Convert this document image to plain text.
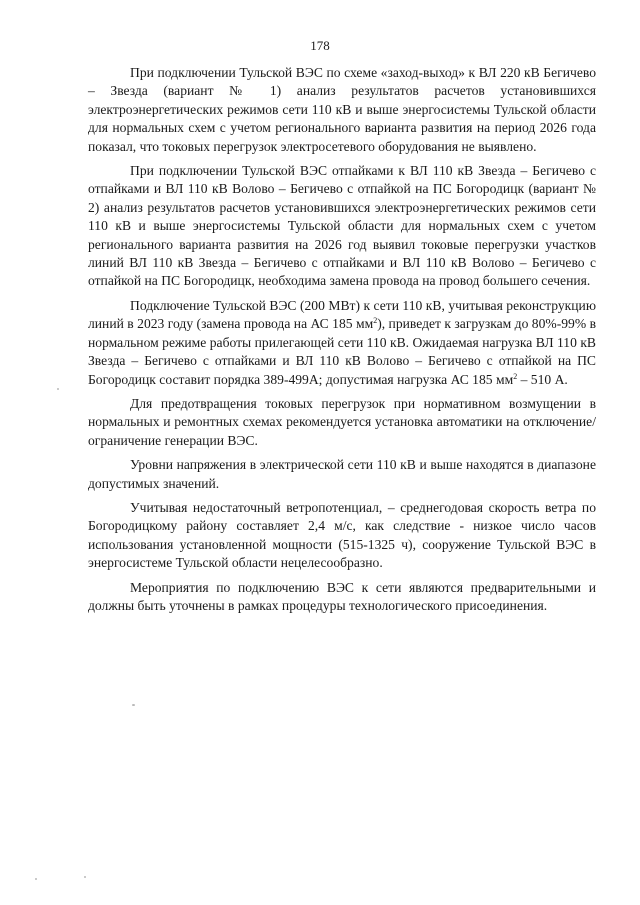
178

При подключении Тульской ВЭС по схеме «заход-выход» к ВЛ 220 кВ Бегичево – Звезда (вариант № 1) анализ результатов расчетов установившихся электроэнергетических режимов сети 110 кВ и выше энергосистемы Тульской области для нормальных схем с учетом регионального варианта развития на период 2026 года показал, что токовых перегрузок электросетевого оборудования не выявлено.

При подключении Тульской ВЭС отпайками к ВЛ 110 кВ Звезда – Бегичево с отпайками и ВЛ 110 кВ Волово – Бегичево с отпайкой на ПС Богородицк (вариант № 2) анализ результатов расчетов установившихся электроэнергетических режимов сети 110 кВ и выше энергосистемы Тульской области для нормальных схем с учетом регионального варианта развития на 2026 год выявил токовые перегрузки участков линий ВЛ 110 кВ Звезда – Бегичево с отпайками и ВЛ 110 кВ Волово – Бегичево с отпайкой на ПС Богородицк, необходима замена провода на провод большего сечения.

Подключение Тульской ВЭС (200 МВт) к сети 110 кВ, учитывая реконструкцию линий в 2023 году (замена провода на АС 185 $мм^2$), приведет к загрузкам до 80%-99% в нормальном режиме работы прилегающей сети 110 кВ. Ожидаемая нагрузка ВЛ 110 кВ Звезда – Бегичево с отпайками и ВЛ 110 кВ Волово – Бегичево с отпайкой на ПС Богородицк составит порядка 389-499А; допустимая нагрузка АС 185 $мм^2 - 510$ А.

Для предотвращения токовых перегрузок при нормативном возмущении в нормальных и ремонтных схемах рекомендуется установка автоматики на отключение/ограничение генерации ВЭС.

Уровни напряжения в электрической сети 110 кВ и выше находятся в диапазоне допустимых значений.

Учитывая недостаточный ветропотенциал, – среднегодовая скорость ветра по Богородицкому району составляет 2,4 м/с, как следствие - низкое число часов использования установленной мощности (515-1325 ч), сооружение Тульской ВЭС в энергосистеме Тульской области нецелесообразно.

Мероприятия по подключению ВЭС к сети являются предварительными и должны быть уточнены в рамках процедуры технологического присоединения.
